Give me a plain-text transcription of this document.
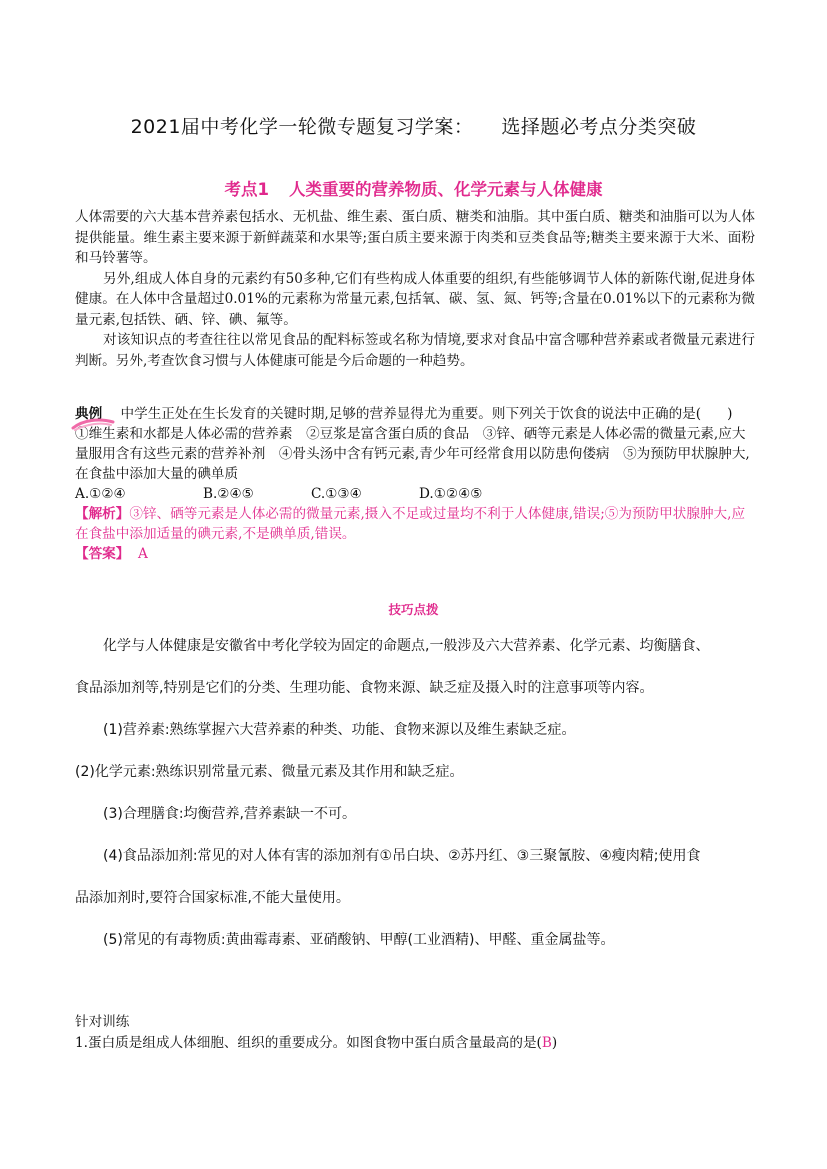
2021届中考化学一轮微专题复习学案： 选择题必考点分类突破
考点1 人类重要的营养物质、化学元素与人体健康

人体需要的六大基本营养素包括水、无机盐、维生素、蛋白质、糖类和油脂。其中蛋白质、糖类和油脂可以为人体提供能量。维生素主要来源于新鲜蔬菜和水果等;蛋白质主要来源于肉类和豆类食品等;糖类主要来源于大米、面粉和马铃薯等。

另外,组成人体自身的元素约有50多种,它们有些构成人体重要的组织,有些能够调节人体的新陈代谢,促进身体健康。在人体中含量超过0.01%的元素称为常量元素,包括氧、碳、氢、氮、钙等;含量在0.01%以下的元素称为微量元素,包括铁、硒、锌、碘、氟等。

对该知识点的考查往往以常见食品的配料标签或名称为情境,要求对食品中富含哪种营养素或者微量元素进行判断。另外,考查饮食习惯与人体健康可能是今后命题的一种趋势。

典例 　 中学生正处在生长发育的关键时期,足够的营养显得尤为重要。则下列关于饮食的说法中正确的是( )

①维生素和水都是人体必需的营养素　②豆浆是富含蛋白质的食品　③锌、硒等元素是人体必需的微量元素,应大量服用含有这些元素的营养补剂　④骨头汤中含有钙元素,青少年可经常食用以防患佝偻病　⑤为预防甲状腺肿大,在食盐中添加大量的碘单质

A.①②④	B.②④⑤	C.①③④	D.①②④⑤

【解析】③锌、硒等元素是人体必需的微量元素,摄入不足或过量均不利于人体健康,错误;⑤为预防甲状腺肿大,应在食盐中添加适量的碘元素,不是碘单质,错误。

【答案】 A

技巧点拨

化学与人体健康是安徽省中考化学较为固定的命题点,一般涉及六大营养素、化学元素、均衡膳食、

食品添加剂等,特别是它们的分类、生理功能、食物来源、缺乏症及摄入时的注意事项等内容。

(1)营养素:熟练掌握六大营养素的种类、功能、食物来源以及维生素缺乏症。

(2)化学元素:熟练识别常量元素、微量元素及其作用和缺乏症。

(3)合理膳食:均衡营养,营养素缺一不可。

(4)食品添加剂:常见的对人体有害的添加剂有①吊白块、②苏丹红、③三聚氰胺、④瘦肉精;使用食

品添加剂时,要符合国家标准,不能大量使用。

(5)常见的有毒物质:黄曲霉毒素、亚硝酸钠、甲醇(工业酒精)、甲醛、重金属盐等。

针对训练

1.蛋白质是组成人体细胞、组织的重要成分。如图食物中蛋白质含量最高的是(B)
